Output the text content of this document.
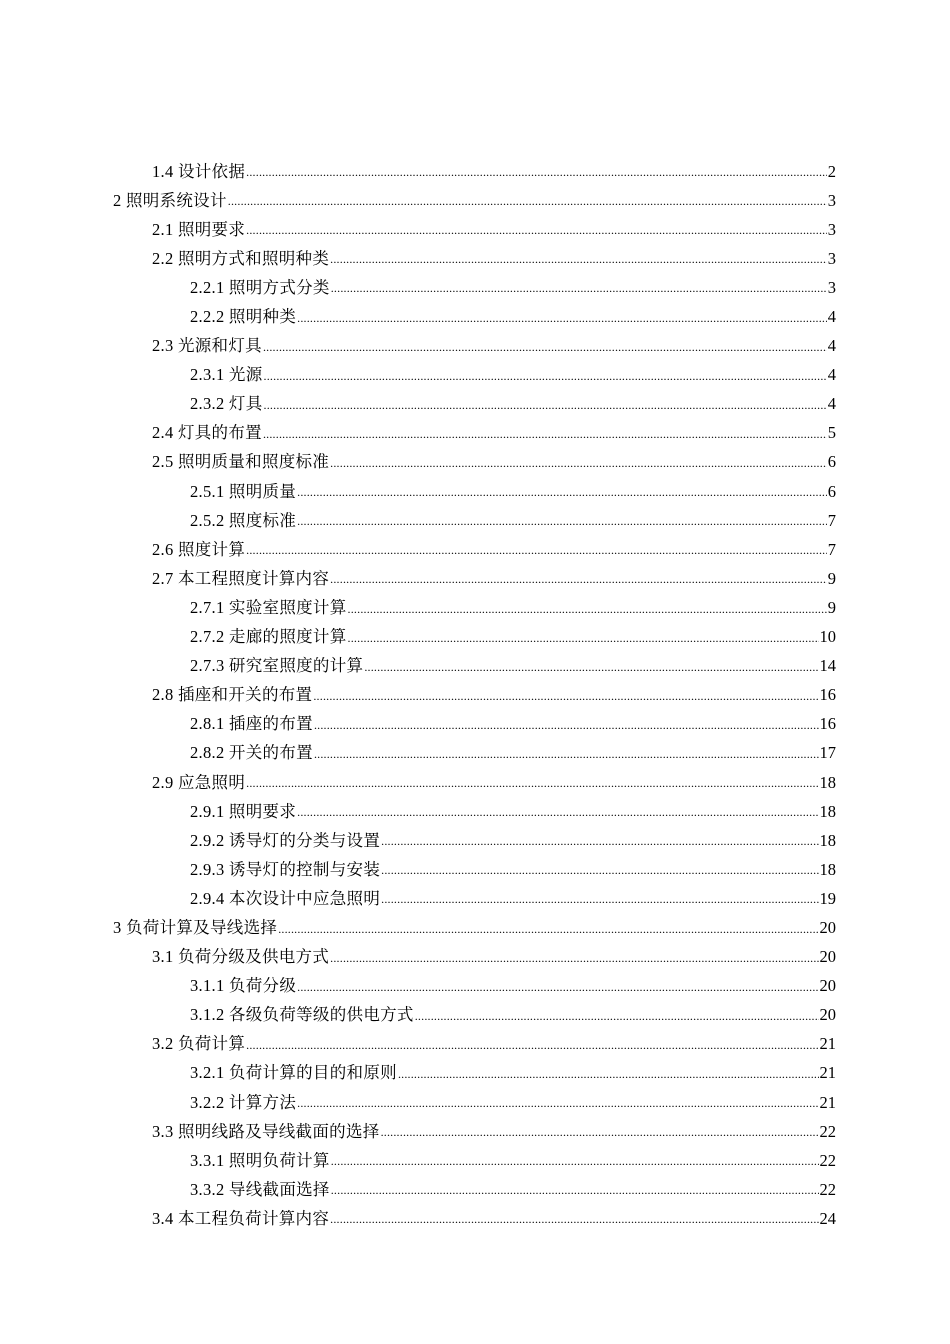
1.4 设计依据 .....	2
2 照明系统设计 .....	3
2.1 照明要求 .....	3
2.2 照明方式和照明种类 .....	3
2.2.1 照明方式分类 .....	3
2.2.2 照明种类 .....	4
2.3 光源和灯具 .....	4
2.3.1 光源 .....	4
2.3.2 灯具 .....	4
2.4 灯具的布置 .....	5
2.5 照明质量和照度标准 .....	6
2.5.1 照明质量 .....	6
2.5.2 照度标准 .....	7
2.6 照度计算 .....	7
2.7 本工程照度计算内容 .....	9
2.7.1 实验室照度计算 .....	9
2.7.2 走廊的照度计算 .....	10
2.7.3 研究室照度的计算 .....	14
2.8 插座和开关的布置 .....	16
2.8.1 插座的布置 .....	16
2.8.2 开关的布置 .....	17
2.9 应急照明 .....	18
2.9.1 照明要求 .....	18
2.9.2 诱导灯的分类与设置 .....	18
2.9.3 诱导灯的控制与安装 .....	18
2.9.4 本次设计中应急照明 .....	19
3 负荷计算及导线选择 .....	20
3.1 负荷分级及供电方式 .....	20
3.1.1 负荷分级 .....	20
3.1.2 各级负荷等级的供电方式 .....	20
3.2 负荷计算 .....	21
3.2.1 负荷计算的目的和原则 .....	21
3.2.2 计算方法 .....	21
3.3 照明线路及导线截面的选择 .....	22
3.3.1 照明负荷计算 .....	22
3.3.2 导线截面选择 .....	22
3.4 本工程负荷计算内容 .....	24
